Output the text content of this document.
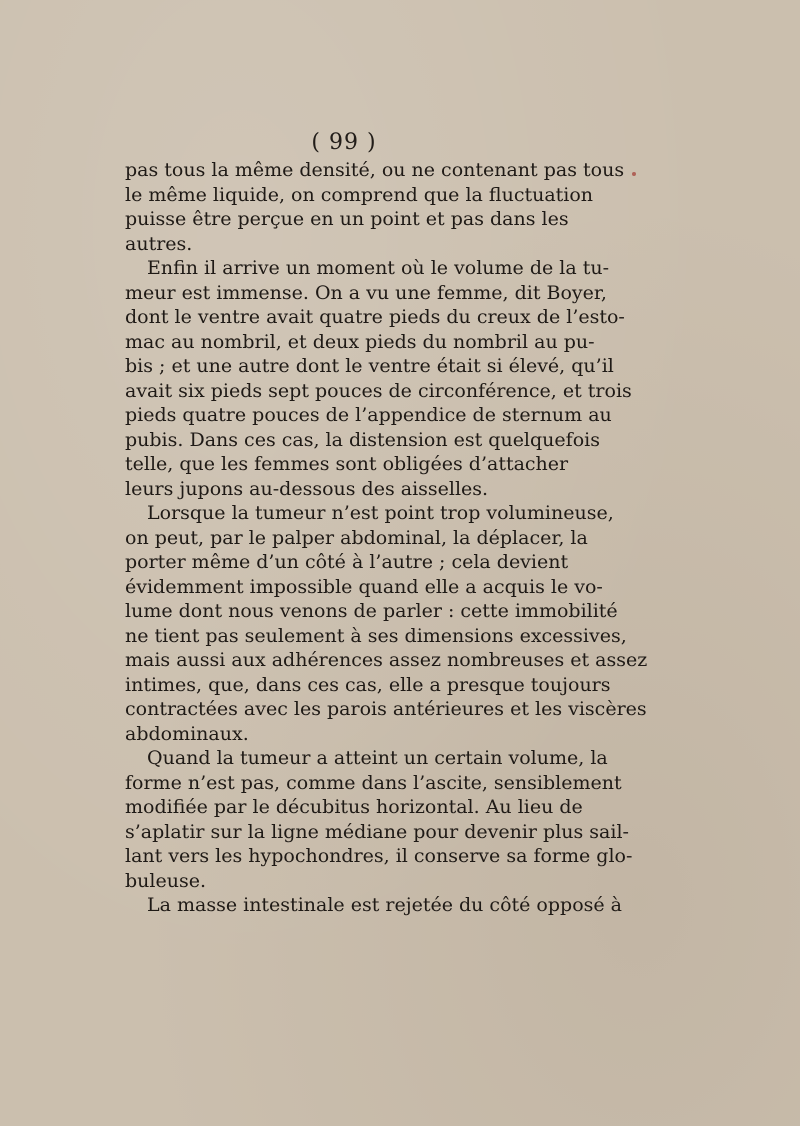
( 99 )
pas tous la même densité, ou ne contenant pas tous
le même liquide, on comprend que la fluctuation
puisse être perçue en un point et pas dans les
autres.
Enfin il arrive un moment où le volume de la tu-
meur est immense. On a vu une femme, dit Boyer,
dont le ventre avait quatre pieds du creux de l’esto-
mac au nombril, et deux pieds du nombril au pu-
bis ; et une autre dont le ventre était si élevé, qu’il
avait six pieds sept pouces de circonférence, et trois
pieds quatre pouces de l’appendice de sternum au
pubis. Dans ces cas, la distension est quelquefois
telle, que les femmes sont obligées d’attacher
leurs jupons au-dessous des aisselles.
Lorsque la tumeur n’est point trop volumineuse,
on peut, par le palper abdominal, la déplacer, la
porter même d’un côté à l’autre ; cela devient
évidemment impossible quand elle a acquis le vo-
lume dont nous venons de parler : cette immobilité
ne tient pas seulement à ses dimensions excessives,
mais aussi aux adhérences assez nombreuses et assez
intimes, que, dans ces cas, elle a presque toujours
contractées avec les parois antérieures et les viscères
abdominaux.
Quand la tumeur a atteint un certain volume, la
forme n’est pas, comme dans l’ascite, sensiblement
modifiée par le décubitus horizontal. Au lieu de
s’aplatir sur la ligne médiane pour devenir plus sail-
lant vers les hypochondres, il conserve sa forme glo-
buleuse.
La masse intestinale est rejetée du côté opposé à
